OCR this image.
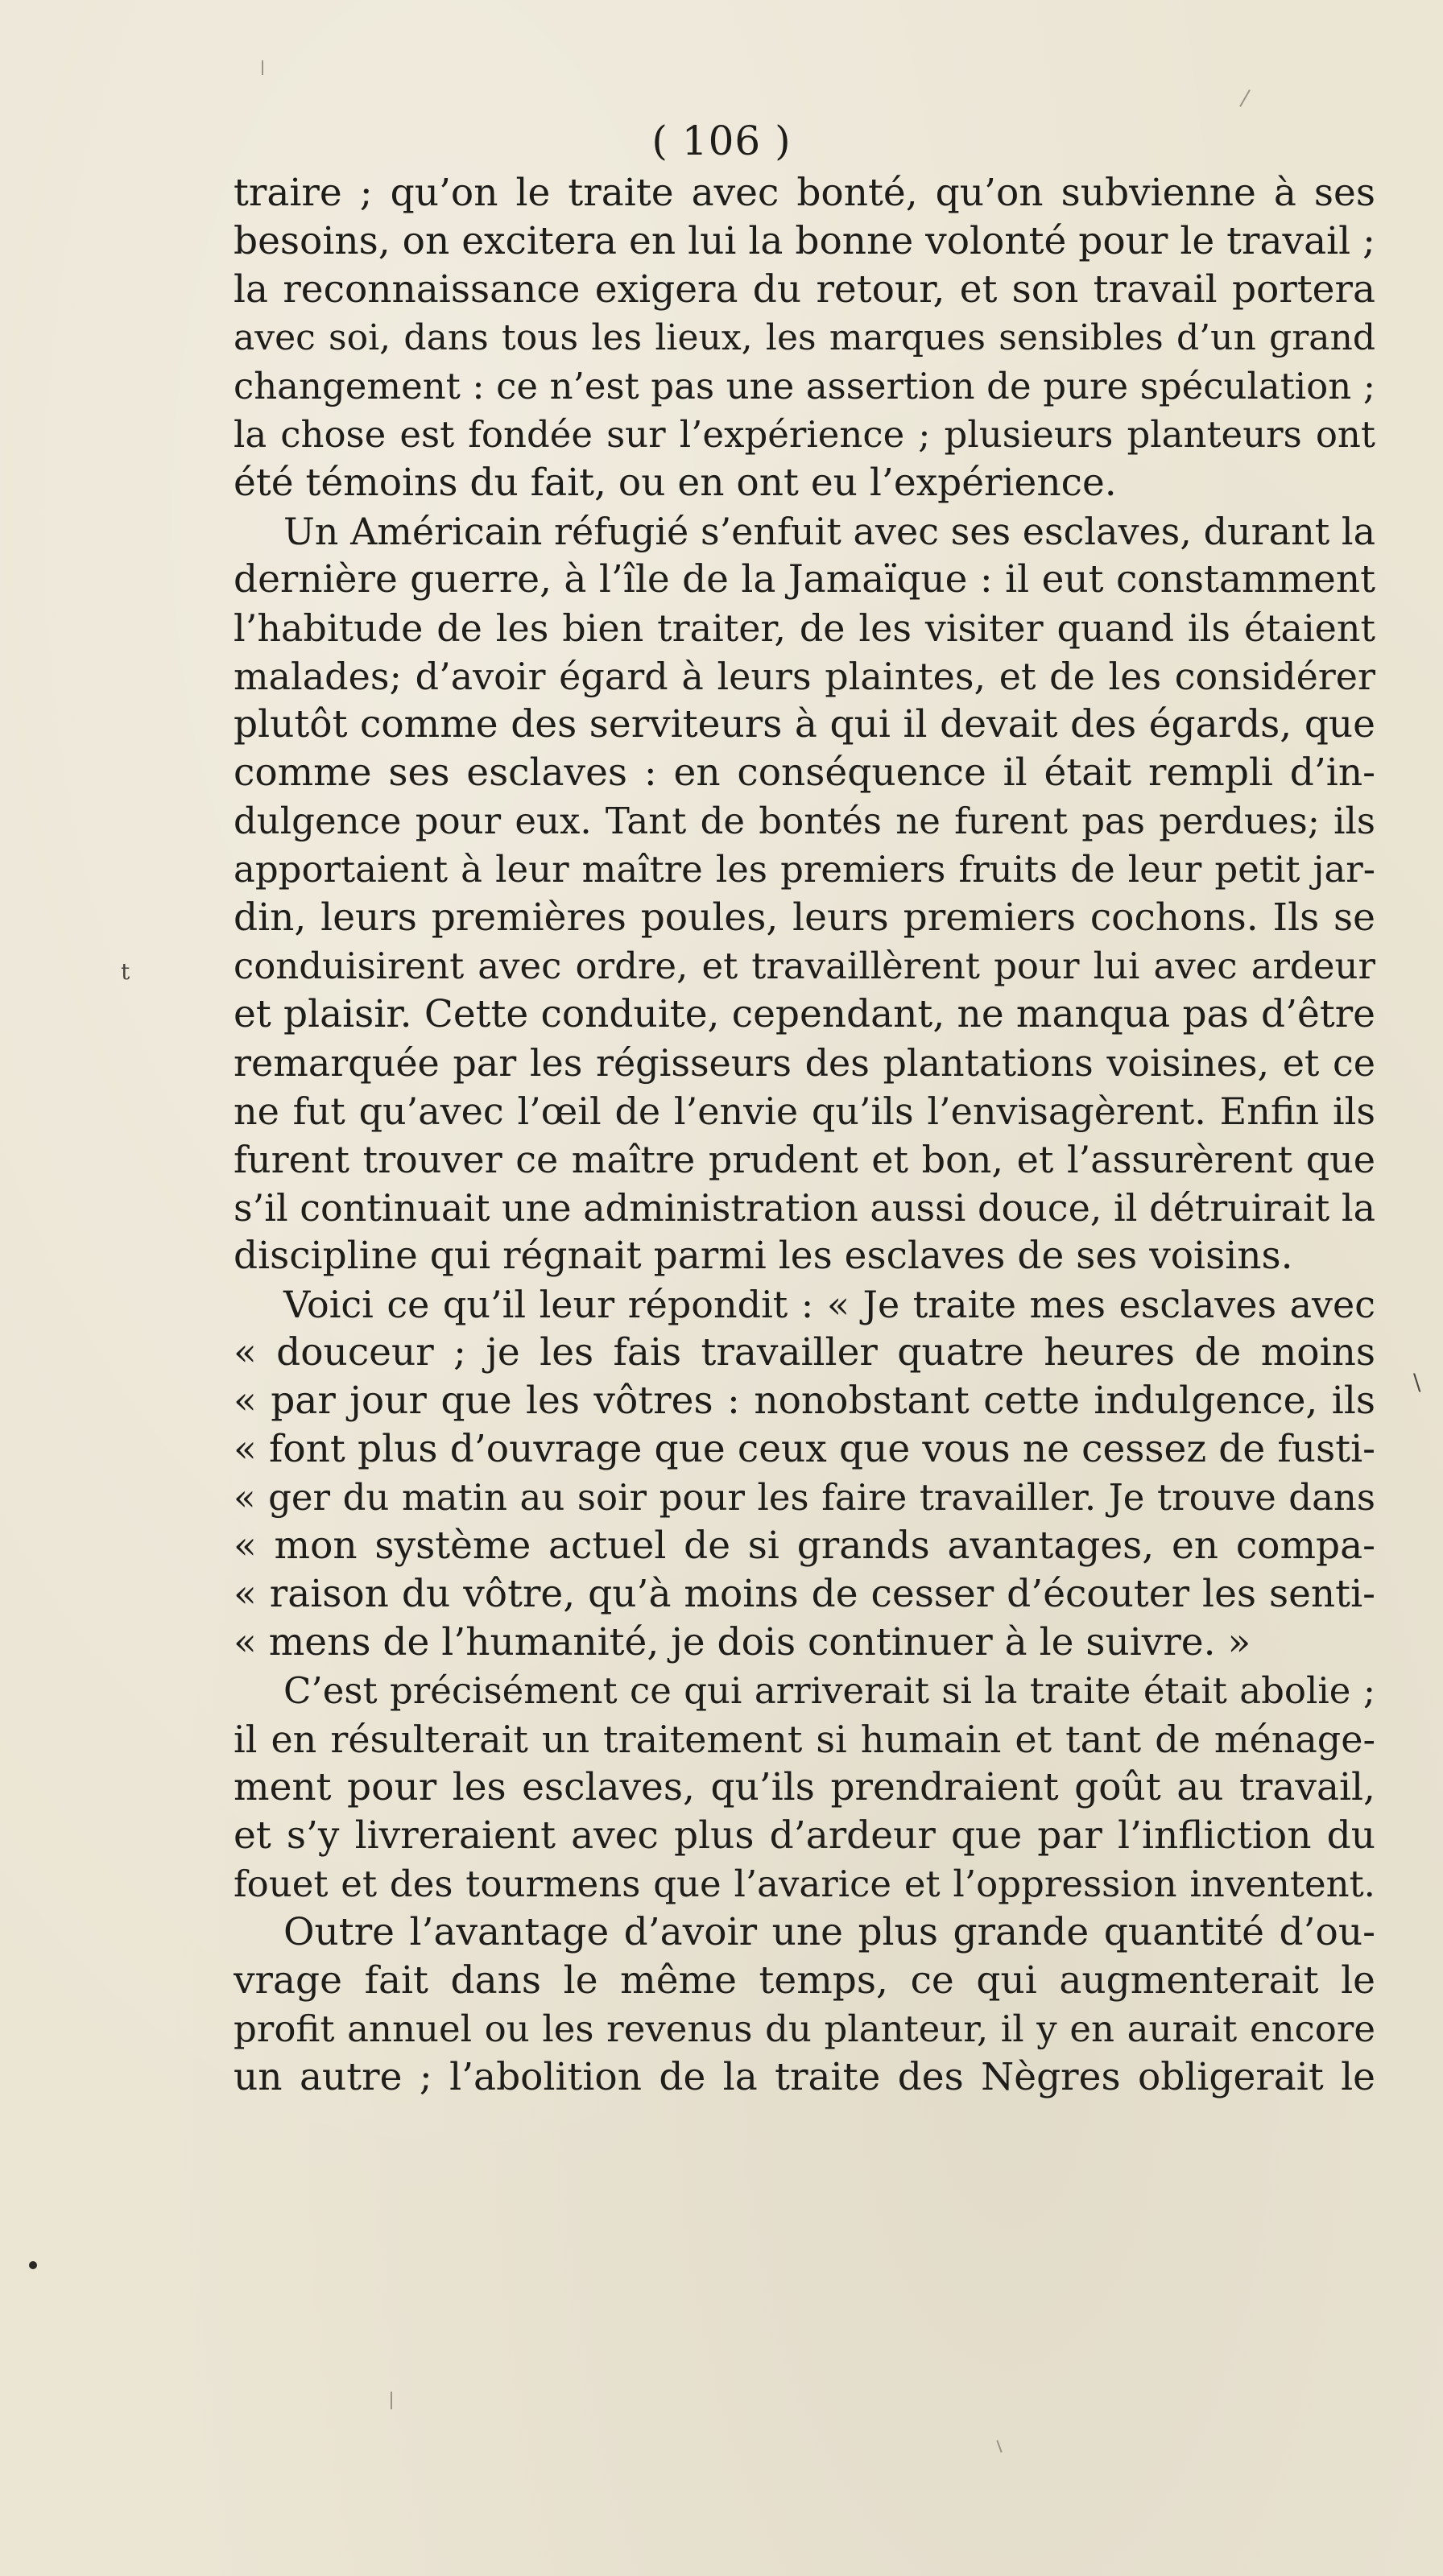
( 106 )
traire ; qu’on le traite avec bonté, qu’on subvienne à ses
besoins, on excitera en lui la bonne volonté pour le travail ;
la reconnaissance exigera du retour, et son travail portera
avec soi, dans tous les lieux, les marques sensibles d’un grand
changement : ce n’est pas une assertion de pure spéculation ;
la chose est fondée sur l’expérience ; plusieurs planteurs ont
été témoins du fait, ou en ont eu l’expérience.
Un Américain réfugié s’enfuit avec ses esclaves, durant la
dernière guerre, à l’île de la Jamaïque : il eut constamment
l’habitude de les bien traiter, de les visiter quand ils étaient
malades; d’avoir égard à leurs plaintes, et de les considérer
plutôt comme des serviteurs à qui il devait des égards, que
comme ses esclaves : en conséquence il était rempli d’in-
dulgence pour eux. Tant de bontés ne furent pas perdues; ils
apportaient à leur maître les premiers fruits de leur petit jar-
din, leurs premières poules, leurs premiers cochons. Ils se
conduisirent avec ordre, et travaillèrent pour lui avec ardeur
et plaisir. Cette conduite, cependant, ne manqua pas d’être
remarquée par les régisseurs des plantations voisines, et ce
ne fut qu’avec l’œil de l’envie qu’ils l’envisagèrent. Enfin ils
furent trouver ce maître prudent et bon, et l’assurèrent que
s’il continuait une administration aussi douce, il détruirait la
discipline qui régnait parmi les esclaves de ses voisins.
Voici ce qu’il leur répondit : « Je traite mes esclaves avec
« douceur ; je les fais travailler quatre heures de moins
« par jour que les vôtres : nonobstant cette indulgence, ils
« font plus d’ouvrage que ceux que vous ne cessez de fusti-
« ger du matin au soir pour les faire travailler. Je trouve dans
« mon système actuel de si grands avantages, en compa-
« raison du vôtre, qu’à moins de cesser d’écouter les senti-
« mens de l’humanité, je dois continuer à le suivre. »
C’est précisément ce qui arriverait si la traite était abolie ;
il en résulterait un traitement si humain et tant de ménage-
ment pour les esclaves, qu’ils prendraient goût au travail,
et s’y livreraient avec plus d’ardeur que par l’infliction du
fouet et des tourmens que l’avarice et l’oppression inventent.
Outre l’avantage d’avoir une plus grande quantité d’ou-
vrage fait dans le même temps, ce qui augmenterait le
profit annuel ou les revenus du planteur, il y en aurait encore
un autre ; l’abolition de la traite des Nègres obligerait le
t
\
